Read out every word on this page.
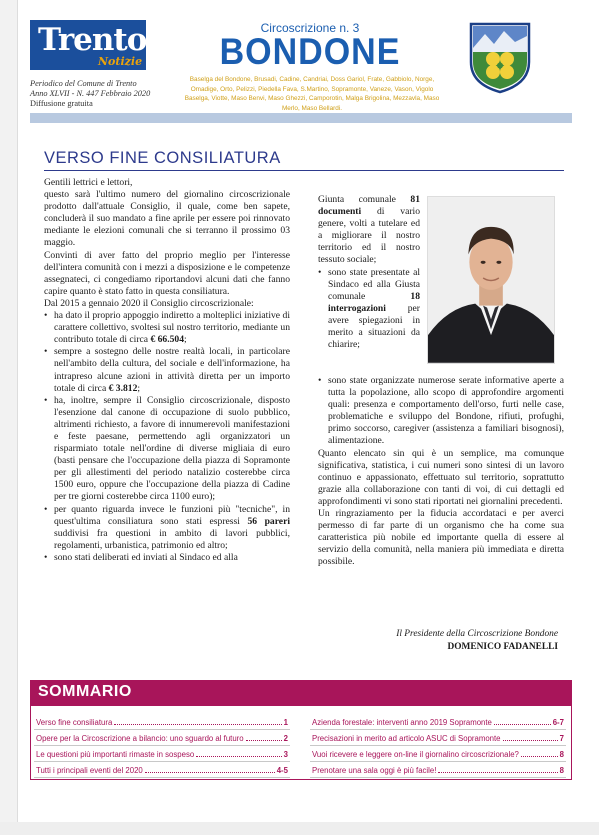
Trento
Notizie
Periodico del Comune di Trento
Anno XLVII - N. 447 Febbraio 2020
Diffusione gratuita
Circoscrizione n. 3
BONDONE
Baselga del Bondone, Brusadi, Cadine, Candriai, Doss Gariol, Frate, Gabbiolo, Norge, Omadige, Orto, Pelizzi, Piedella Fava, S.Martino, Sopramonte, Vaneze, Vason, Vigolo Baselga, Viotte, Maso Benvi, Maso Ghezzi, Camporotin, Malga Brigolina, Mezzavla, Maso Merlo, Maso Bellardi.
VERSO FINE CONSILIATURA

Gentili lettrici e lettori,

questo sarà l'ultimo numero del giornalino circoscrizionale prodotto dall'attuale Consiglio, il quale, come ben sapete, concluderà il suo mandato a fine aprile per essere poi rinnovato mediante le elezioni comunali che si terranno il prossimo 03 maggio.

Convinti di aver fatto del proprio meglio per l'interesse dell'intera comunità con i mezzi a disposizione e le competenze assegnateci, ci congediamo riportandovi alcuni dati che fanno capire quanto è stato fatto in questa consiliatura.

Dal 2015 a gennaio 2020 il Consiglio circoscrizionale:

• ha dato il proprio appoggio indiretto a molteplici iniziative di carattere collettivo, svoltesi sul nostro territorio, mediante un contributo totale di circa € 66.504;
• sempre a sostegno delle nostre realtà locali, in particolare nell'ambito della cultura, del sociale e dell'informazione, ha intrapreso alcune azioni in attività diretta per un importo totale di circa € 3.812;
• ha, inoltre, sempre il Consiglio circoscrizionale, disposto l'esenzione dal canone di occupazione di suolo pubblico, altrimenti richiesto, a favore di innumerevoli manifestazioni e feste paesane, permettendo agli organizzatori un risparmiato totale nell'ordine di diverse migliaia di euro (basti pensare che l'occupazione della piazza di Sopramonte per gli allestimenti del periodo natalizio costerebbe circa 1500 euro, oppure che l'occupazione della piazza di Cadine per tre giorni costerebbe circa 1100 euro);
• per quanto riguarda invece le funzioni più "tecniche", in quest'ultima consiliatura sono stati espressi 56 pareri suddivisi fra questioni in ambito di lavori pubblici, regolamenti, urbanistica, patrimonio ed altro;
• sono stati deliberati ed inviati al Sindaco ed alla

Giunta comunale 81 documenti di vario genere, volti a tutelare ed a migliorare il nostro territorio ed il nostro tessuto sociale;

• sono state presentate al Sindaco ed alla Giusta comunale 18 interrogazioni per avere spiegazioni in merito a situazioni da chiarire;
• sono state organizzate numerose serate informative aperte a tutta la popolazione, allo scopo di approfondire argomenti quali: presenza e comportamento dell'orso, furti nelle case, problematiche e sviluppo del Bondone, rifiuti, profughi, primo soccorso, caregiver (assistenza a familiari bisognosi), alimentazione.

Quanto elencato sin qui è un semplice, ma comunque significativa, statistica, i cui numeri sono sintesi di un lavoro continuo e appassionato, effettuato sul territorio, soprattutto grazie alla collaborazione con tanti di voi, di cui dettagli ed approfondimenti vi sono stati riportati nei giornalini precedenti.

Un ringraziamento per la fiducia accordataci e per averci permesso di far parte di un organismo che ha come sua caratteristica più nobile ed importante quella di essere al servizio della comunità, nella maniera più immediata e diretta possibile.

Il Presidente della Circoscrizione Bondone
DOMENICO FADANELLI
SOMMARIO
Verso fine consiliatura	1
Opere per la Circoscrizione a bilancio: uno sguardo al futuro	2
Le questioni più importanti rimaste in sospeso	3
Tutti i principali eventi del 2020	4-5
Azienda forestale: interventi anno 2019 Sopramonte	6-7
Precisazioni in merito ad articolo ASUC di Sopramonte	7
Vuoi ricevere e leggere on-line il giornalino circoscrizionale?	8
Prenotare una sala oggi è più facile!	8
